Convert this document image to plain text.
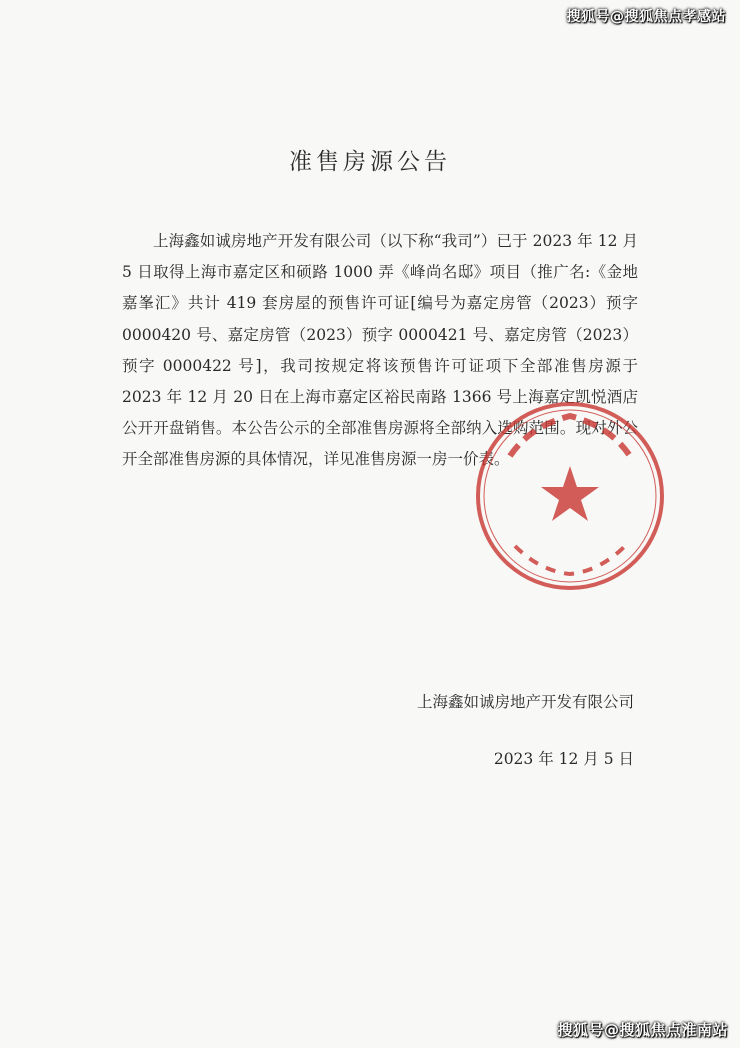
搜狐号@搜狐焦点孝感站
准售房源公告

上海鑫如诚房地产开发有限公司（以下称“我司”）已于 2023 年 12 月 5 日取得上海市嘉定区和硕路 1000 弄《峰尚名邸》项目（推广名:《金地嘉峯汇》共计 419 套房屋的预售许可证[编号为嘉定房管（2023）预字 0000420 号、嘉定房管（2023）预字 0000421 号、嘉定房管（2023）预字 0000422 号]，我司按规定将该预售许可证项下全部准售房源于 2023 年 12 月 20 日在上海市嘉定区裕民南路 1366 号上海嘉定凯悦酒店公开开盘销售。本公告公示的全部准售房源将全部纳入选购范围。现对外公开全部准售房源的具体情况，详见准售房源一房一价表。

上海鑫如诚房地产开发有限公司
2023 年 12 月 5 日
搜狐号@搜狐焦点淮南站
